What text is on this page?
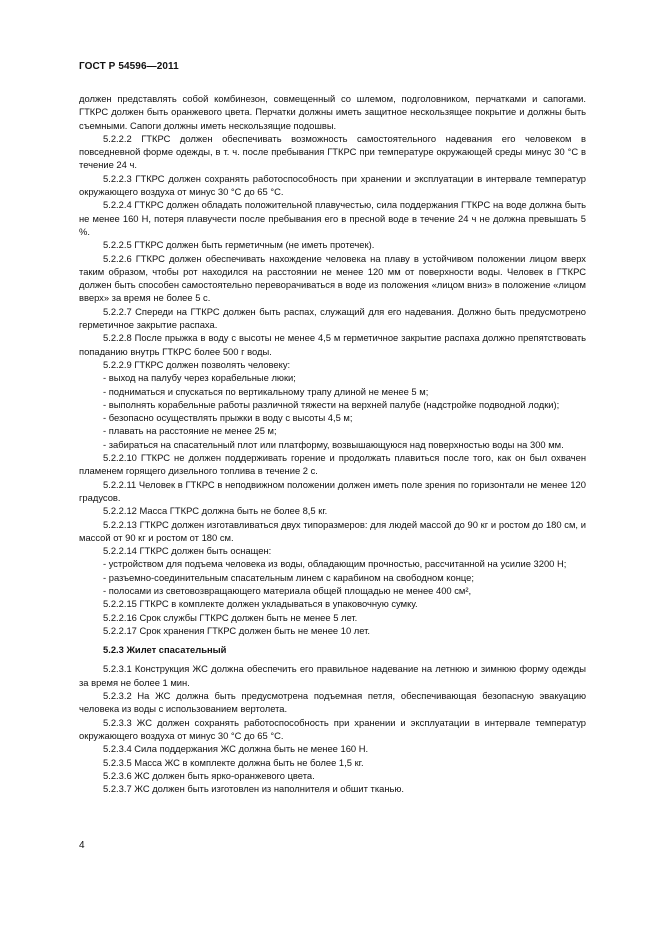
ГОСТ Р 54596—2011

должен представлять собой комбинезон, совмещенный со шлемом, подголовником, перчатками и сапогами. ГТКРС должен быть оранжевого цвета. Перчатки должны иметь защитное нескользящее покрытие и должны быть съемными. Сапоги должны иметь нескользящие подошвы.

5.2.2.2 ГТКРС должен обеспечивать возможность самостоятельного надевания его человеком в повседневной форме одежды, в т. ч. после пребывания ГТКРС при температуре окружающей среды минус 30 °С в течение 24 ч.

5.2.2.3 ГТКРС должен сохранять работоспособность при хранении и эксплуатации в интервале температур окружающего воздуха от минус 30 °С до 65 °С.

5.2.2.4 ГТКРС должен обладать положительной плавучестью, сила поддержания ГТКРС на воде должна быть не менее 160 Н, потеря плавучести после пребывания его в пресной воде в течение 24 ч не должна превышать 5 %.

5.2.2.5 ГТКРС должен быть герметичным (не иметь протечек).

5.2.2.6 ГТКРС должен обеспечивать нахождение человека на плаву в устойчивом положении лицом вверх таким образом, чтобы рот находился на расстоянии не менее 120 мм от поверхности воды. Человек в ГТКРС должен быть способен самостоятельно переворачиваться в воде из положения «лицом вниз» в положение «лицом вверх» за время не более 5 с.

5.2.2.7 Спереди на ГТКРС должен быть распах, служащий для его надевания. Должно быть предусмотрено герметичное закрытие распаха.

5.2.2.8 После прыжка в воду с высоты не менее 4,5 м герметичное закрытие распаха должно препятствовать попаданию внутрь ГТКРС более 500 г воды.

5.2.2.9 ГТКРС должен позволять человеку:

- выход на палубу через корабельные люки;

- подниматься и спускаться по вертикальному трапу длиной не менее 5 м;

- выполнять корабельные работы различной тяжести на верхней палубе (надстройке подводной лодки);

- безопасно осуществлять прыжки в воду с высоты 4,5 м;

- плавать на расстояние не менее 25 м;

- забираться на спасательный плот или платформу, возвышающуюся над поверхностью воды на 300 мм.

5.2.2.10 ГТКРС не должен поддерживать горение и продолжать плавиться после того, как он был охвачен пламенем горящего дизельного топлива в течение 2 с.

5.2.2.11 Человек в ГТКРС в неподвижном положении должен иметь поле зрения по горизонтали не менее 120 градусов.

5.2.2.12 Масса ГТКРС должна быть не более 8,5 кг.

5.2.2.13 ГТКРС должен изготавливаться двух типоразмеров: для людей массой до 90 кг и ростом до 180 см, и массой от 90 кг и ростом от 180 см.

5.2.2.14 ГТКРС должен быть оснащен:

- устройством для подъема человека из воды, обладающим прочностью, рассчитанной на усилие 3200 Н;

- разъемно-соединительным спасательным линем с карабином на свободном конце;

- полосами из световозвращающего материала общей площадью не менее 400 см²,

5.2.2.15 ГТКРС в комплекте должен укладываться в упаковочную сумку.

5.2.2.16 Срок службы ГТКРС должен быть не менее 5 лет.

5.2.2.17 Срок хранения ГТКРС должен быть не менее 10 лет.

5.2.3 Жилет спасательный

5.2.3.1 Конструкция ЖС должна обеспечить его правильное надевание на летнюю и зимнюю форму одежды за время не более 1 мин.

5.2.3.2 На ЖС должна быть предусмотрена подъемная петля, обеспечивающая безопасную эвакуацию человека из воды с использованием вертолета.

5.2.3.3 ЖС должен сохранять работоспособность при хранении и эксплуатации в интервале температур окружающего воздуха от минус 30 °С до 65 °С.

5.2.3.4 Сила поддержания ЖС должна быть не менее 160 Н.

5.2.3.5 Масса ЖС в комплекте должна быть не более 1,5 кг.

5.2.3.6 ЖС должен быть ярко-оранжевого цвета.

5.2.3.7 ЖС должен быть изготовлен из наполнителя и обшит тканью.

4
